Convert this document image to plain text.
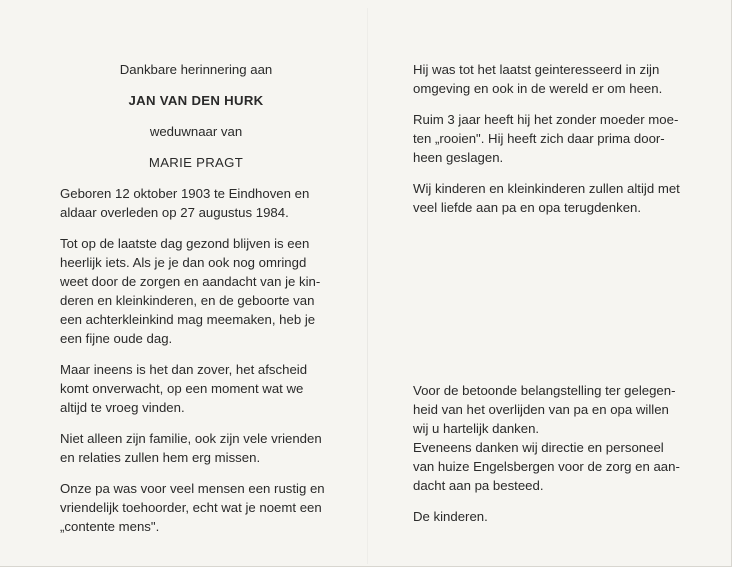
Dankbare herinnering aan

JAN VAN DEN HURK

weduwnaar van

MARIE PRAGT

Geboren 12 oktober 1903 te Eindhoven en
aldaar overleden op 27 augustus 1984.
Tot op de laatste dag gezond blijven is een
heerlijk iets. Als je je dan ook nog omringd
weet door de zorgen en aandacht van je kin-
deren en kleinkinderen, en de geboorte van
een achterkleinkind mag meemaken, heb je
een fijne oude dag.
Maar ineens is het dan zover, het afscheid
komt onverwacht, op een moment wat we
altijd te vroeg vinden.
Niet alleen zijn familie, ook zijn vele vrienden
en relaties zullen hem erg missen.
Onze pa was voor veel mensen een rustig en
vriendelijk toehoorder, echt wat je noemt een
„contente mens".
Hij was tot het laatst geinteresseerd in zijn
omgeving en ook in de wereld er om heen.
Ruim 3 jaar heeft hij het zonder moeder moe-
ten „rooien". Hij heeft zich daar prima door-
heen geslagen.
Wij kinderen en kleinkinderen zullen altijd met
veel liefde aan pa en opa terugdenken.
Voor de betoonde belangstelling ter gelegen-
heid van het overlijden van pa en opa willen
wij u hartelijk danken.
Eveneens danken wij directie en personeel
van huize Engelsbergen voor de zorg en aan-
dacht aan pa besteed.

De kinderen.
